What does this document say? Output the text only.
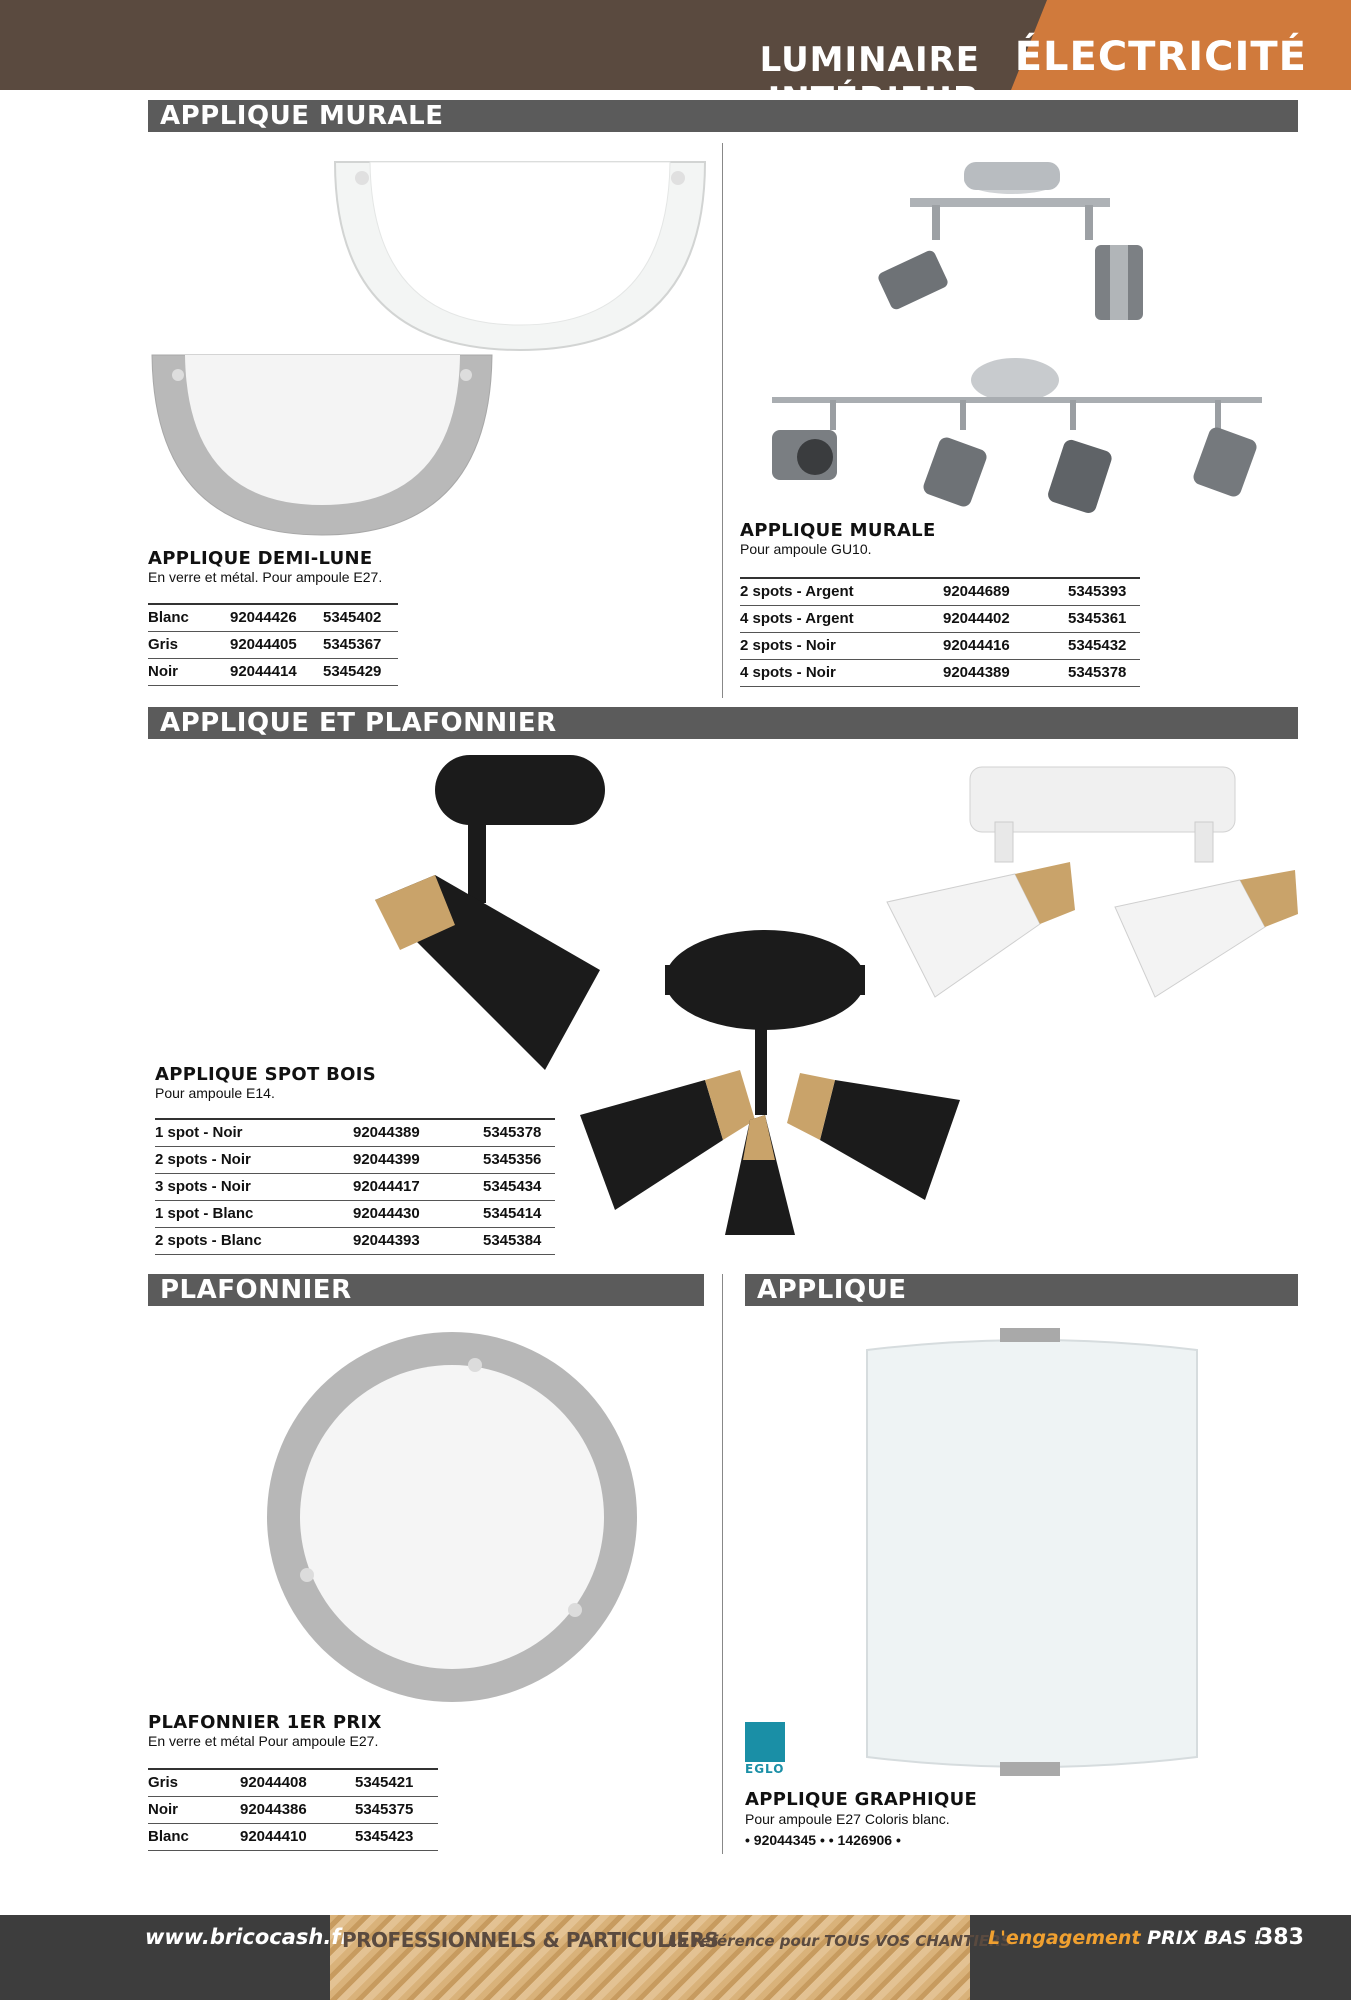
LUMINAIRE ÉLECTRICITÉ
APPLIQUE MURALE
APPLIQUE DEMI-LUNE
En verre et métal. Pour ampoule E27.
Blanc	92044426	5345402
Gris	92044405	5345367
Noir	92044414	5345429
APPLIQUE MURALE
Pour ampoule GU10.
2 spots - Argent	92044689	5345393
4 spots - Argent	92044402	5345361
2 spots - Noir	92044416	5345432
4 spots - Noir	92044389	5345378
APPLIQUE ET PLAFONNIER
APPLIQUE SPOT BOIS
Pour ampoule E14.
1 spot - Noir	92044389	5345378
2 spots - Noir	92044399	5345356
3 spots - Noir	92044417	5345434
1 spot - Blanc	92044430	5345414
2 spots - Blanc	92044393	5345384
PLAFONNIER	APPLIQUE
PLAFONNIER 1ER PRIX
En verre et métal Pour ampoule E27.
Gris	92044408	5345421
Noir	92044386	5345375
Blanc	92044410	5345423
EGLO
APPLIQUE GRAPHIQUE
Pour ampoule E27 Coloris blanc.
• 92044345 • • 1426906 •
www.bricocash.fr
PROFESSIONNELS & PARTICULIERS
La référence pour TOUS VOS CHANTIERS
L'engagement PRIX BAS !
383
